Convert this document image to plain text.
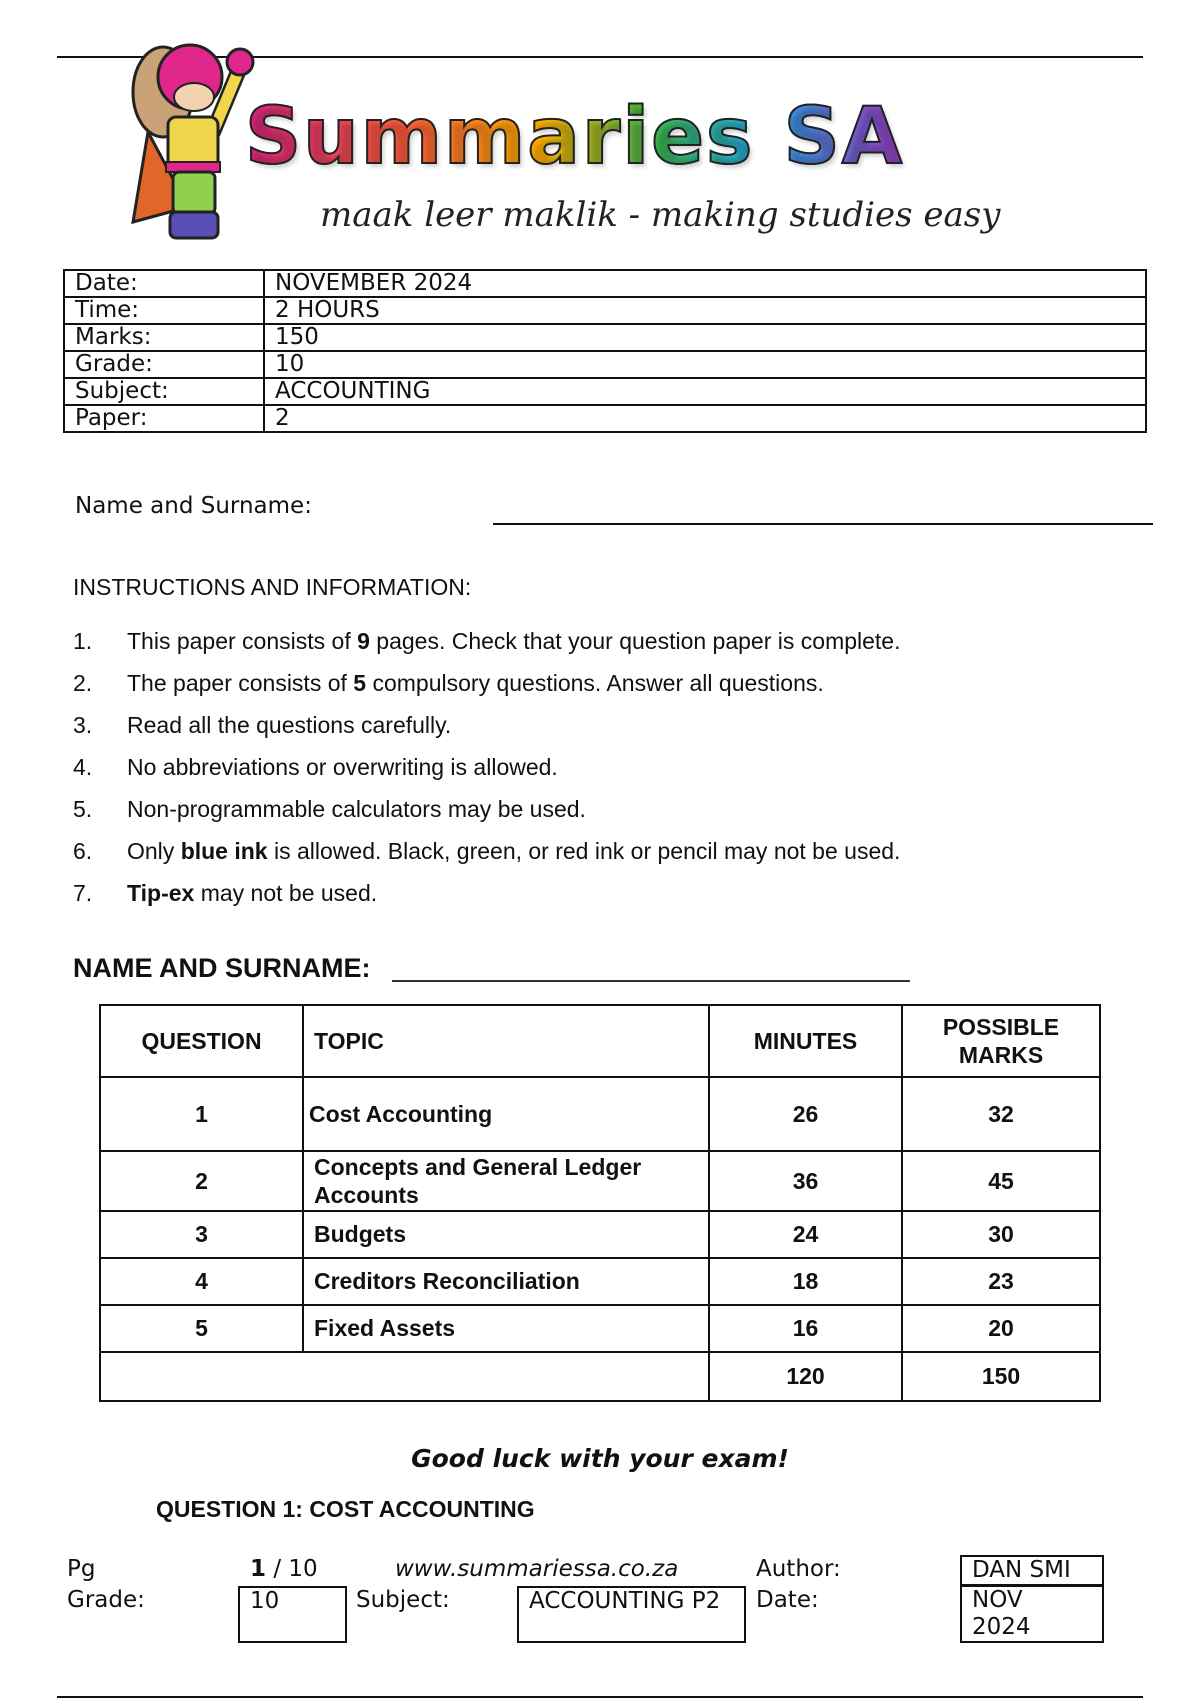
Summaries SA
maak leer maklik - making studies easy
Date:	NOVEMBER 2024
Time:	2 HOURS
Marks:	150
Grade:	10
Subject:	ACCOUNTING
Paper:	2
Name and Surname:
INSTRUCTIONS AND INFORMATION:
1.	This paper consists of 9 pages. Check that your question paper is complete.
2.	The paper consists of 5 compulsory questions. Answer all questions.
3.	Read all the questions carefully.
4.	No abbreviations or overwriting is allowed.
5.	Non-programmable calculators may be used.
6.	Only blue ink is allowed. Black, green, or red ink or pencil may not be used.
7.	Tip-ex may not be used.
NAME AND SURNAME:
QUESTION	TOPIC	MINUTES	POSSIBLE MARKS
1	Cost Accounting	26	32
2	Concepts and General Ledger Accounts	36	45
3	Budgets	24	30
4	Creditors Reconciliation	18	23
5	Fixed Assets	16	20
		120	150
Good luck with your exam!
QUESTION 1: COST ACCOUNTING
Pg	1 / 10	www.summariessa.co.za	Author:	DAN SMI
Grade:	10	Subject:	ACCOUNTING P2	Date:	NOV
2024
